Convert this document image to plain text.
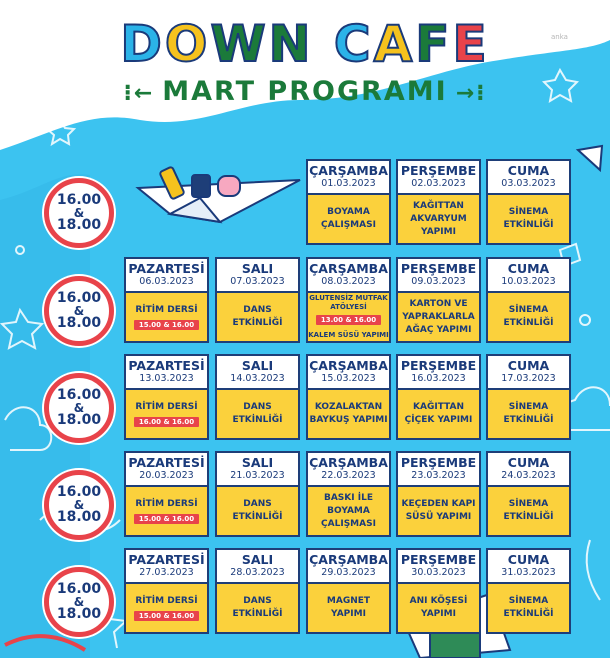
anka
DOWN CAFE
⁝← MART PROGRAMI →⁝
16.00
&
18.00
ÇARŞAMBA
01.03.2023
BOYAMA
ÇALIŞMASI
PERŞEMBE
02.03.2023
KAĞITTAN
AKVARYUM
YAPIMI
CUMA
03.03.2023
SİNEMA
ETKİNLİĞİ
16.00
&
18.00
PAZARTESİ
06.03.2023
RİTİM DERSİ
15.00 & 16.00
SALI
07.03.2023
DANS
ETKİNLİĞİ
ÇARŞAMBA
08.03.2023
GLUTENSİZ MUTFAK
ATÖLYESİ
13.00 & 16.00
KALEM SÜSÜ YAPIMI
PERŞEMBE
09.03.2023
KARTON VE
YAPRAKLARLA
AĞAÇ YAPIMI
CUMA
10.03.2023
SİNEMA
ETKİNLİĞİ
16.00
&
18.00
PAZARTESİ
13.03.2023
RİTİM DERSİ
16.00 & 16.00
SALI
14.03.2023
DANS
ETKİNLİĞİ
ÇARŞAMBA
15.03.2023
KOZALAKTAN
BAYKUŞ YAPIMI
PERŞEMBE
16.03.2023
KAĞITTAN
ÇİÇEK YAPIMI
CUMA
17.03.2023
SİNEMA
ETKİNLİĞİ
16.00
&
18.00
PAZARTESİ
20.03.2023
RİTİM DERSİ
15.00 & 16.00
SALI
21.03.2023
DANS
ETKİNLİĞİ
ÇARŞAMBA
22.03.2023
BASKI İLE
BOYAMA
ÇALIŞMASI
PERŞEMBE
23.03.2023
KEÇEDEN KAPI
SÜSÜ YAPIMI
CUMA
24.03.2023
SİNEMA
ETKİNLİĞİ
16.00
&
18.00
PAZARTESİ
27.03.2023
RİTİM DERSİ
15.00 & 16.00
SALI
28.03.2023
DANS
ETKİNLİĞİ
ÇARŞAMBA
29.03.2023
MAGNET
YAPIMI
PERŞEMBE
30.03.2023
ANI KÖŞESİ
YAPIMI
CUMA
31.03.2023
SİNEMA
ETKİNLİĞİ
